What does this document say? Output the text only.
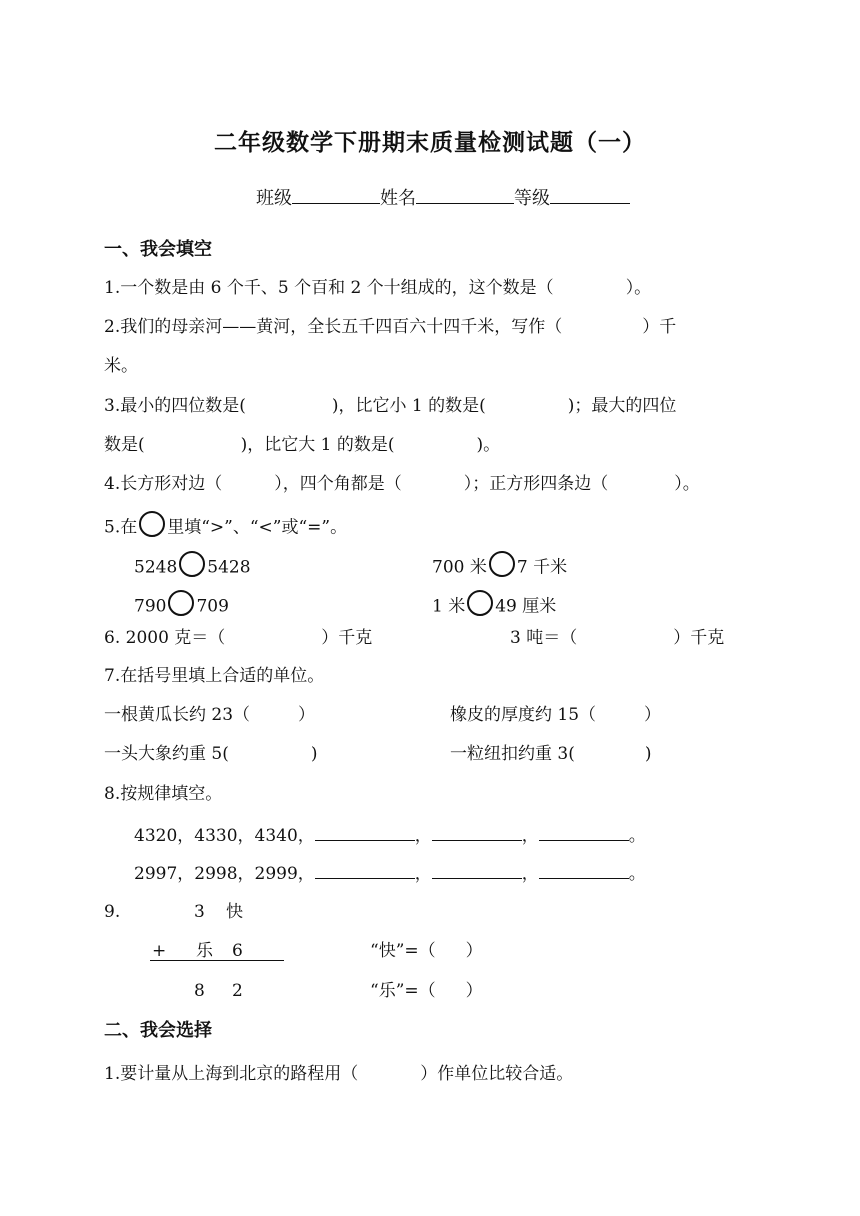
二年级数学下册期末质量检测试题（一）
班级	姓名	等级
一、我会填空
1.一个数是由 6 个千、5 个百和 2 个十组成的，这个数是（	）。
2.我们的母亲河——黄河，全长五千四百六十四千米，写作（	）千
米。
3.最小的四位数是(	)，比它小 1 的数是(	)；最大的四位
数是(	)，比它大 1 的数是(	)。
4.长方形对边（	），四个角都是（	）；正方形四条边（	）。
5.在 里填“>”、“<”或“=”。
5248 5428	700 米 7 千米
790 709	1 米 49 厘米
6. 2000 克＝（	）千克	3 吨＝（	）千克
7.在括号里填上合适的单位。
一根黄瓜长约 23（	）	橡皮的厚度约 15（	）
一头大象约重 5(	)	一粒纽扣约重 3(	)
8.按规律填空。
4320，4330，4340，	，	，	。
2997，2998，2999，	，	，	。
9.	3 快
+ 乐 6
8 2
“快”=（ ）
“乐”=（ ）
二、我会选择
1.要计量从上海到北京的路程用（	）作单位比较合适。
